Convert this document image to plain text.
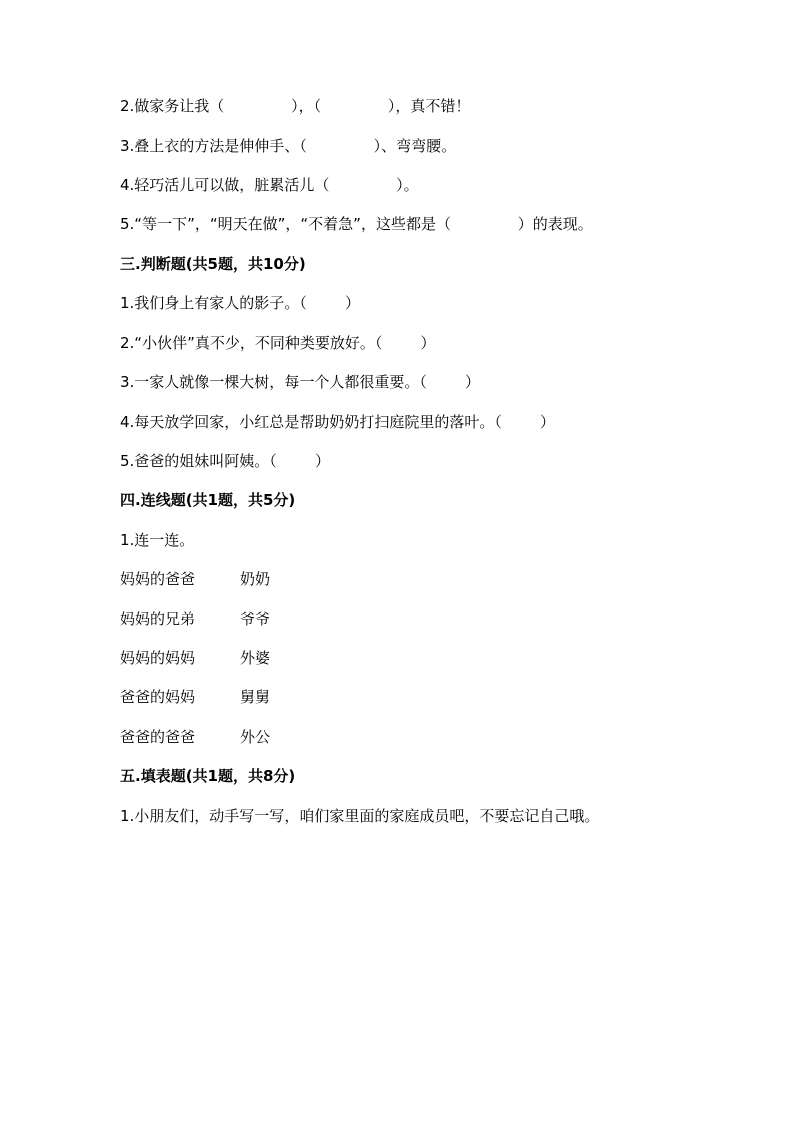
2.做家务让我（              ），（              ），真不错！
3.叠上衣的方法是伸伸手、（              ）、弯弯腰。
4.轻巧活儿可以做，脏累活儿（              ）。
5.“等一下”，“明天在做”，“不着急”，这些都是（              ）的表现。
三.判断题(共5题，共10分)
1.我们身上有家人的影子。（        ）
2.“小伙伴”真不少，不同种类要放好。（        ）
3.一家人就像一棵大树，每一个人都很重要。（        ）
4.每天放学回家，小红总是帮助奶奶打扫庭院里的落叶。（        ）
5.爸爸的姐妹叫阿姨。（        ）
四.连线题(共1题，共5分)
1.连一连。
妈妈的爸爸	奶奶
妈妈的兄弟	爷爷
妈妈的妈妈	外婆
爸爸的妈妈	舅舅
爸爸的爸爸	外公
五.填表题(共1题，共8分)
1.小朋友们，动手写一写，咱们家里面的家庭成员吧，不要忘记自己哦。
